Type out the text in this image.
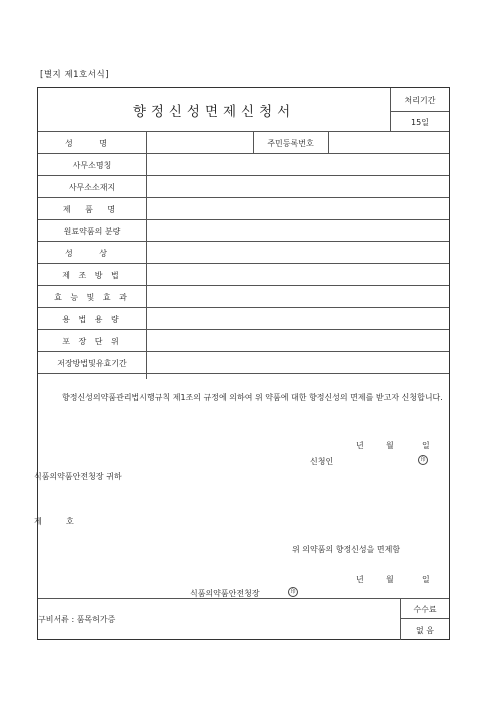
[별지 제1호서식]
향정신성면제신청서
처리기간
15일
성 명	주민등록번호
사무소명칭
사무소소재지
제 품 명
원료약품의 분량
성 상
제 조 방 법
효 능 및 효 과
용 법 용 량
포 장 단 위
저장방법및유효기간
향정신성의약품관리법시행규칙 제1조의 규정에 의하여 위 약품에 대한 향정신성의 면제를 받고자 신청합니다.
년	월	일
신청인	印
식품의약품안전청장 귀하
제	호
위 의약품의 향정신성을 면제함
년	월	일
식품의약품안전청장	印
구비서류 : 품목허가증
수수료
없 음
